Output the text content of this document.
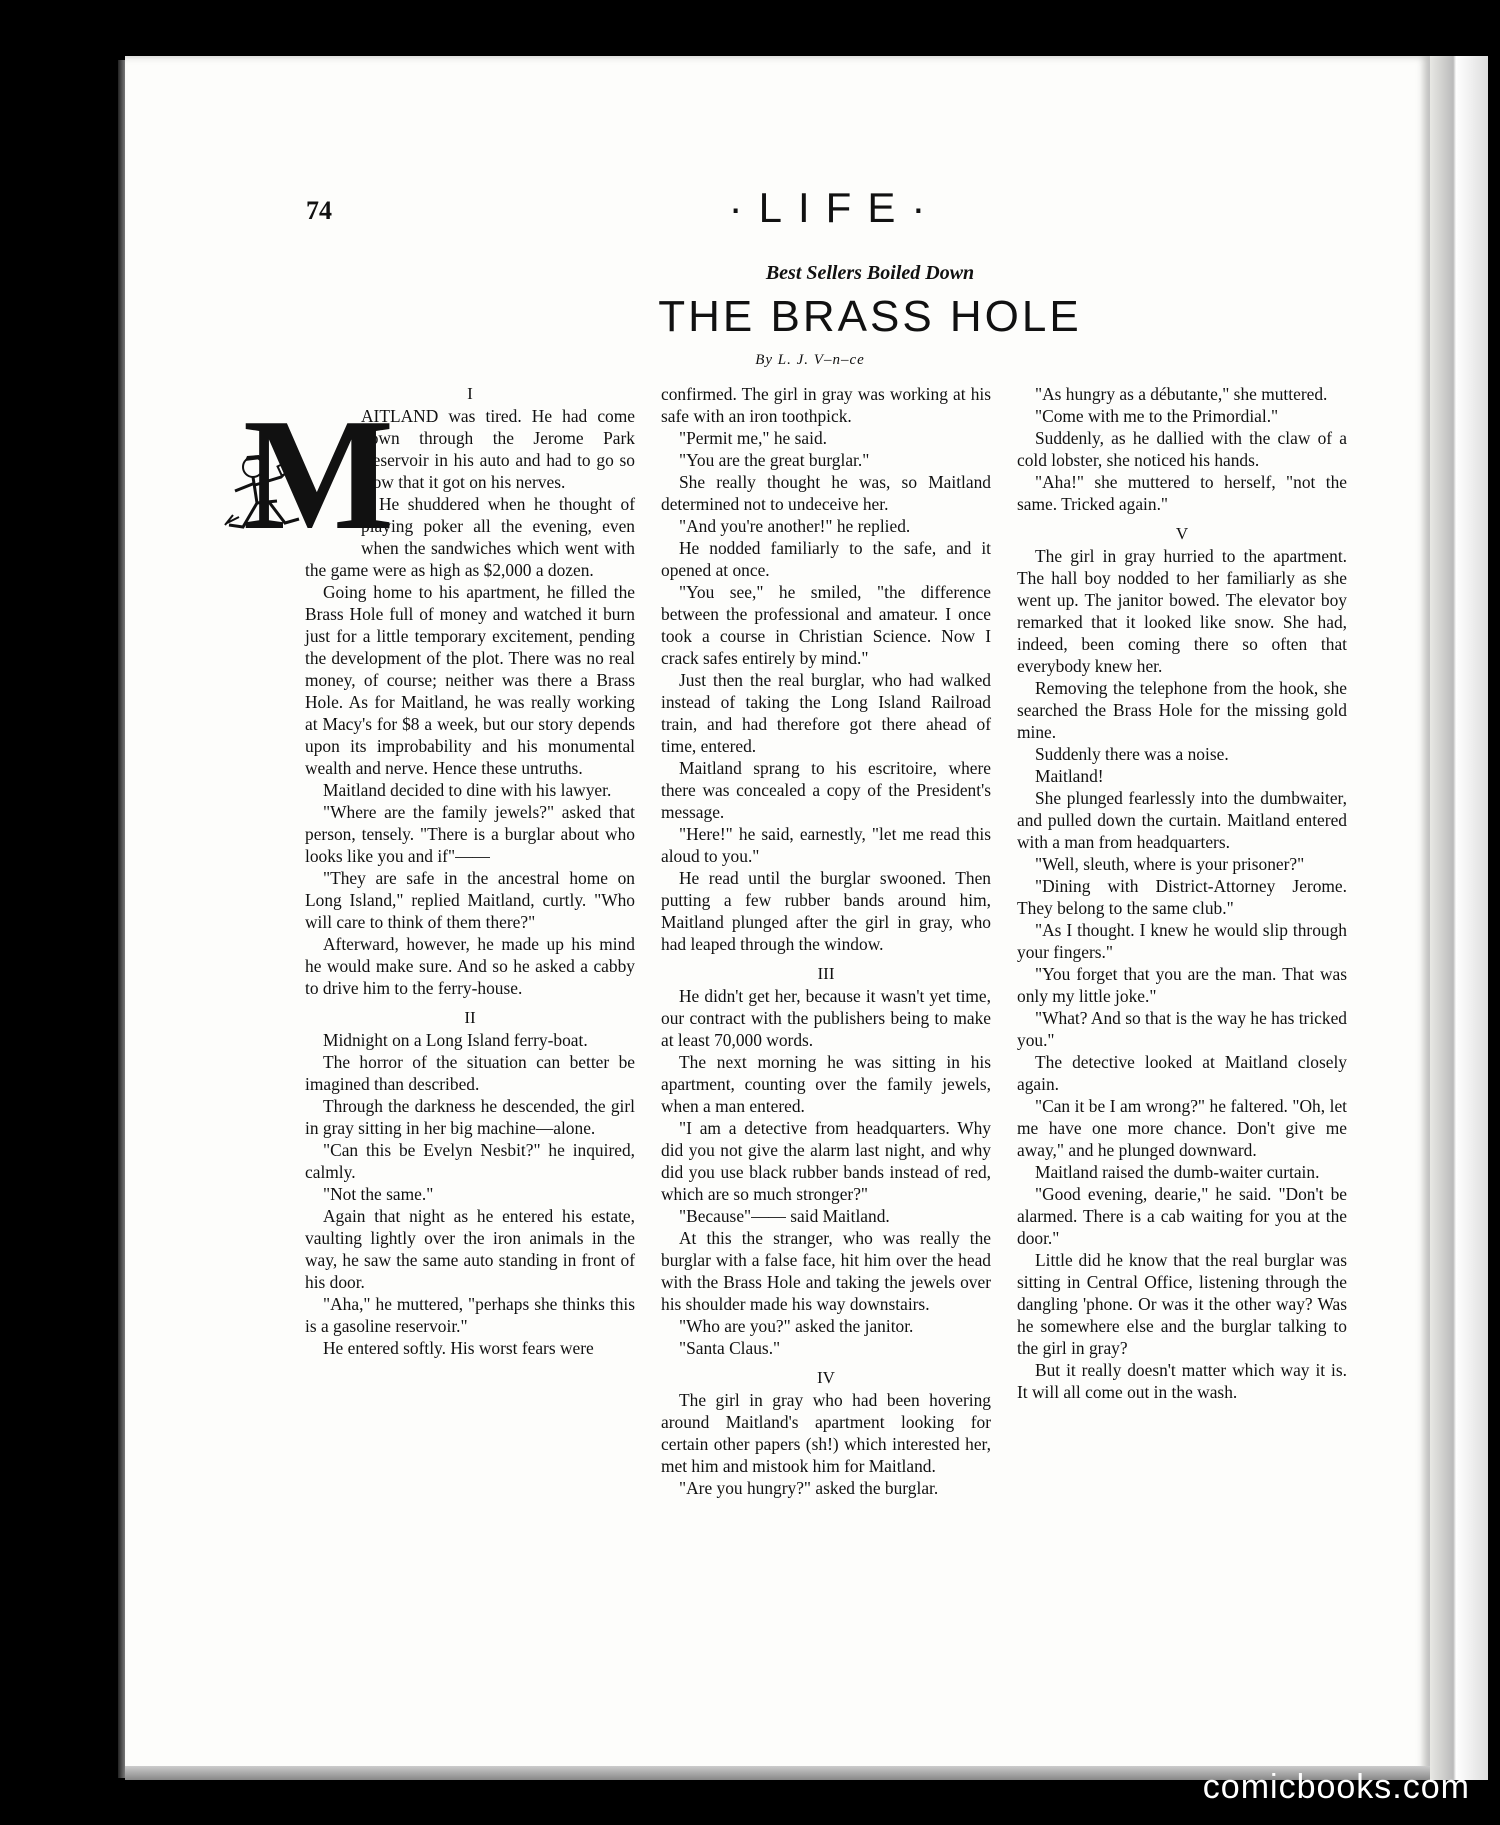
74	·LIFE·
Best Sellers Boiled Down
THE BRASS HOLE
By L. J. V–n–ce

I

M

AITLAND was tired. He had come down through the Jerome Park Reservoir in his auto and had to go so slow that it got on his nerves.

He shuddered when he thought of playing poker all the evening, even when the sandwiches which went with the game were as high as $2,000 a dozen.

Going home to his apartment, he filled the Brass Hole full of money and watched it burn just for a little temporary excitement, pending the development of the plot. There was no real money, of course; neither was there a Brass Hole. As for Maitland, he was really working at Macy's for $8 a week, but our story depends upon its improbability and his monumental wealth and nerve. Hence these untruths.

Maitland decided to dine with his lawyer.

"Where are the family jewels?" asked that person, tensely. "There is a burglar about who looks like you and if"——

"They are safe in the ancestral home on Long Island," replied Maitland, curtly. "Who will care to think of them there?"

Afterward, however, he made up his mind he would make sure. And so he asked a cabby to drive him to the ferry-house.

II

Midnight on a Long Island ferry-boat.

The horror of the situation can better be imagined than described.

Through the darkness he descended, the girl in gray sitting in her big machine—alone.

"Can this be Evelyn Nesbit?" he inquired, calmly.

"Not the same."

Again that night as he entered his estate, vaulting lightly over the iron animals in the way, he saw the same auto standing in front of his door.

"Aha," he muttered, "perhaps she thinks this is a gasoline reservoir."

He entered softly. His worst fears were

confirmed. The girl in gray was working at his safe with an iron toothpick.

"Permit me," he said.

"You are the great burglar."

She really thought he was, so Maitland determined not to undeceive her.

"And you're another!" he replied.

He nodded familiarly to the safe, and it opened at once.

"You see," he smiled, "the difference between the professional and amateur. I once took a course in Christian Science. Now I crack safes entirely by mind."

Just then the real burglar, who had walked instead of taking the Long Island Railroad train, and had therefore got there ahead of time, entered.

Maitland sprang to his escritoire, where there was concealed a copy of the President's message.

"Here!" he said, earnestly, "let me read this aloud to you."

He read until the burglar swooned. Then putting a few rubber bands around him, Maitland plunged after the girl in gray, who had leaped through the window.

III

He didn't get her, because it wasn't yet time, our contract with the publishers being to make at least 70,000 words.

The next morning he was sitting in his apartment, counting over the family jewels, when a man entered.

"I am a detective from headquarters. Why did you not give the alarm last night, and why did you use black rubber bands instead of red, which are so much stronger?"

"Because"—— said Maitland.

At this the stranger, who was really the burglar with a false face, hit him over the head with the Brass Hole and taking the jewels over his shoulder made his way downstairs.

"Who are you?" asked the janitor.

"Santa Claus."

IV

The girl in gray who had been hovering around Maitland's apartment looking for certain other papers (sh!) which interested her, met him and mistook him for Maitland.

"Are you hungry?" asked the burglar.

"As hungry as a débutante," she muttered.

"Come with me to the Primordial."

Suddenly, as he dallied with the claw of a cold lobster, she noticed his hands.

"Aha!" she muttered to herself, "not the same. Tricked again."

V

The girl in gray hurried to the apartment. The hall boy nodded to her familiarly as she went up. The janitor bowed. The elevator boy remarked that it looked like snow. She had, indeed, been coming there so often that everybody knew her.

Removing the telephone from the hook, she searched the Brass Hole for the missing gold mine.

Suddenly there was a noise.

Maitland!

She plunged fearlessly into the dumbwaiter, and pulled down the curtain. Maitland entered with a man from headquarters.

"Well, sleuth, where is your prisoner?"

"Dining with District-Attorney Jerome. They belong to the same club."

"As I thought. I knew he would slip through your fingers."

"You forget that you are the man. That was only my little joke."

"What? And so that is the way he has tricked you."

The detective looked at Maitland closely again.

"Can it be I am wrong?" he faltered. "Oh, let me have one more chance. Don't give me away," and he plunged downward.

Maitland raised the dumb-waiter curtain.

"Good evening, dearie," he said. "Don't be alarmed. There is a cab waiting for you at the door."

Little did he know that the real burglar was sitting in Central Office, listening through the dangling 'phone. Or was it the other way? Was he somewhere else and the burglar talking to the girl in gray?

But it really doesn't matter which way it is. It will all come out in the wash.

comicbooks.com
